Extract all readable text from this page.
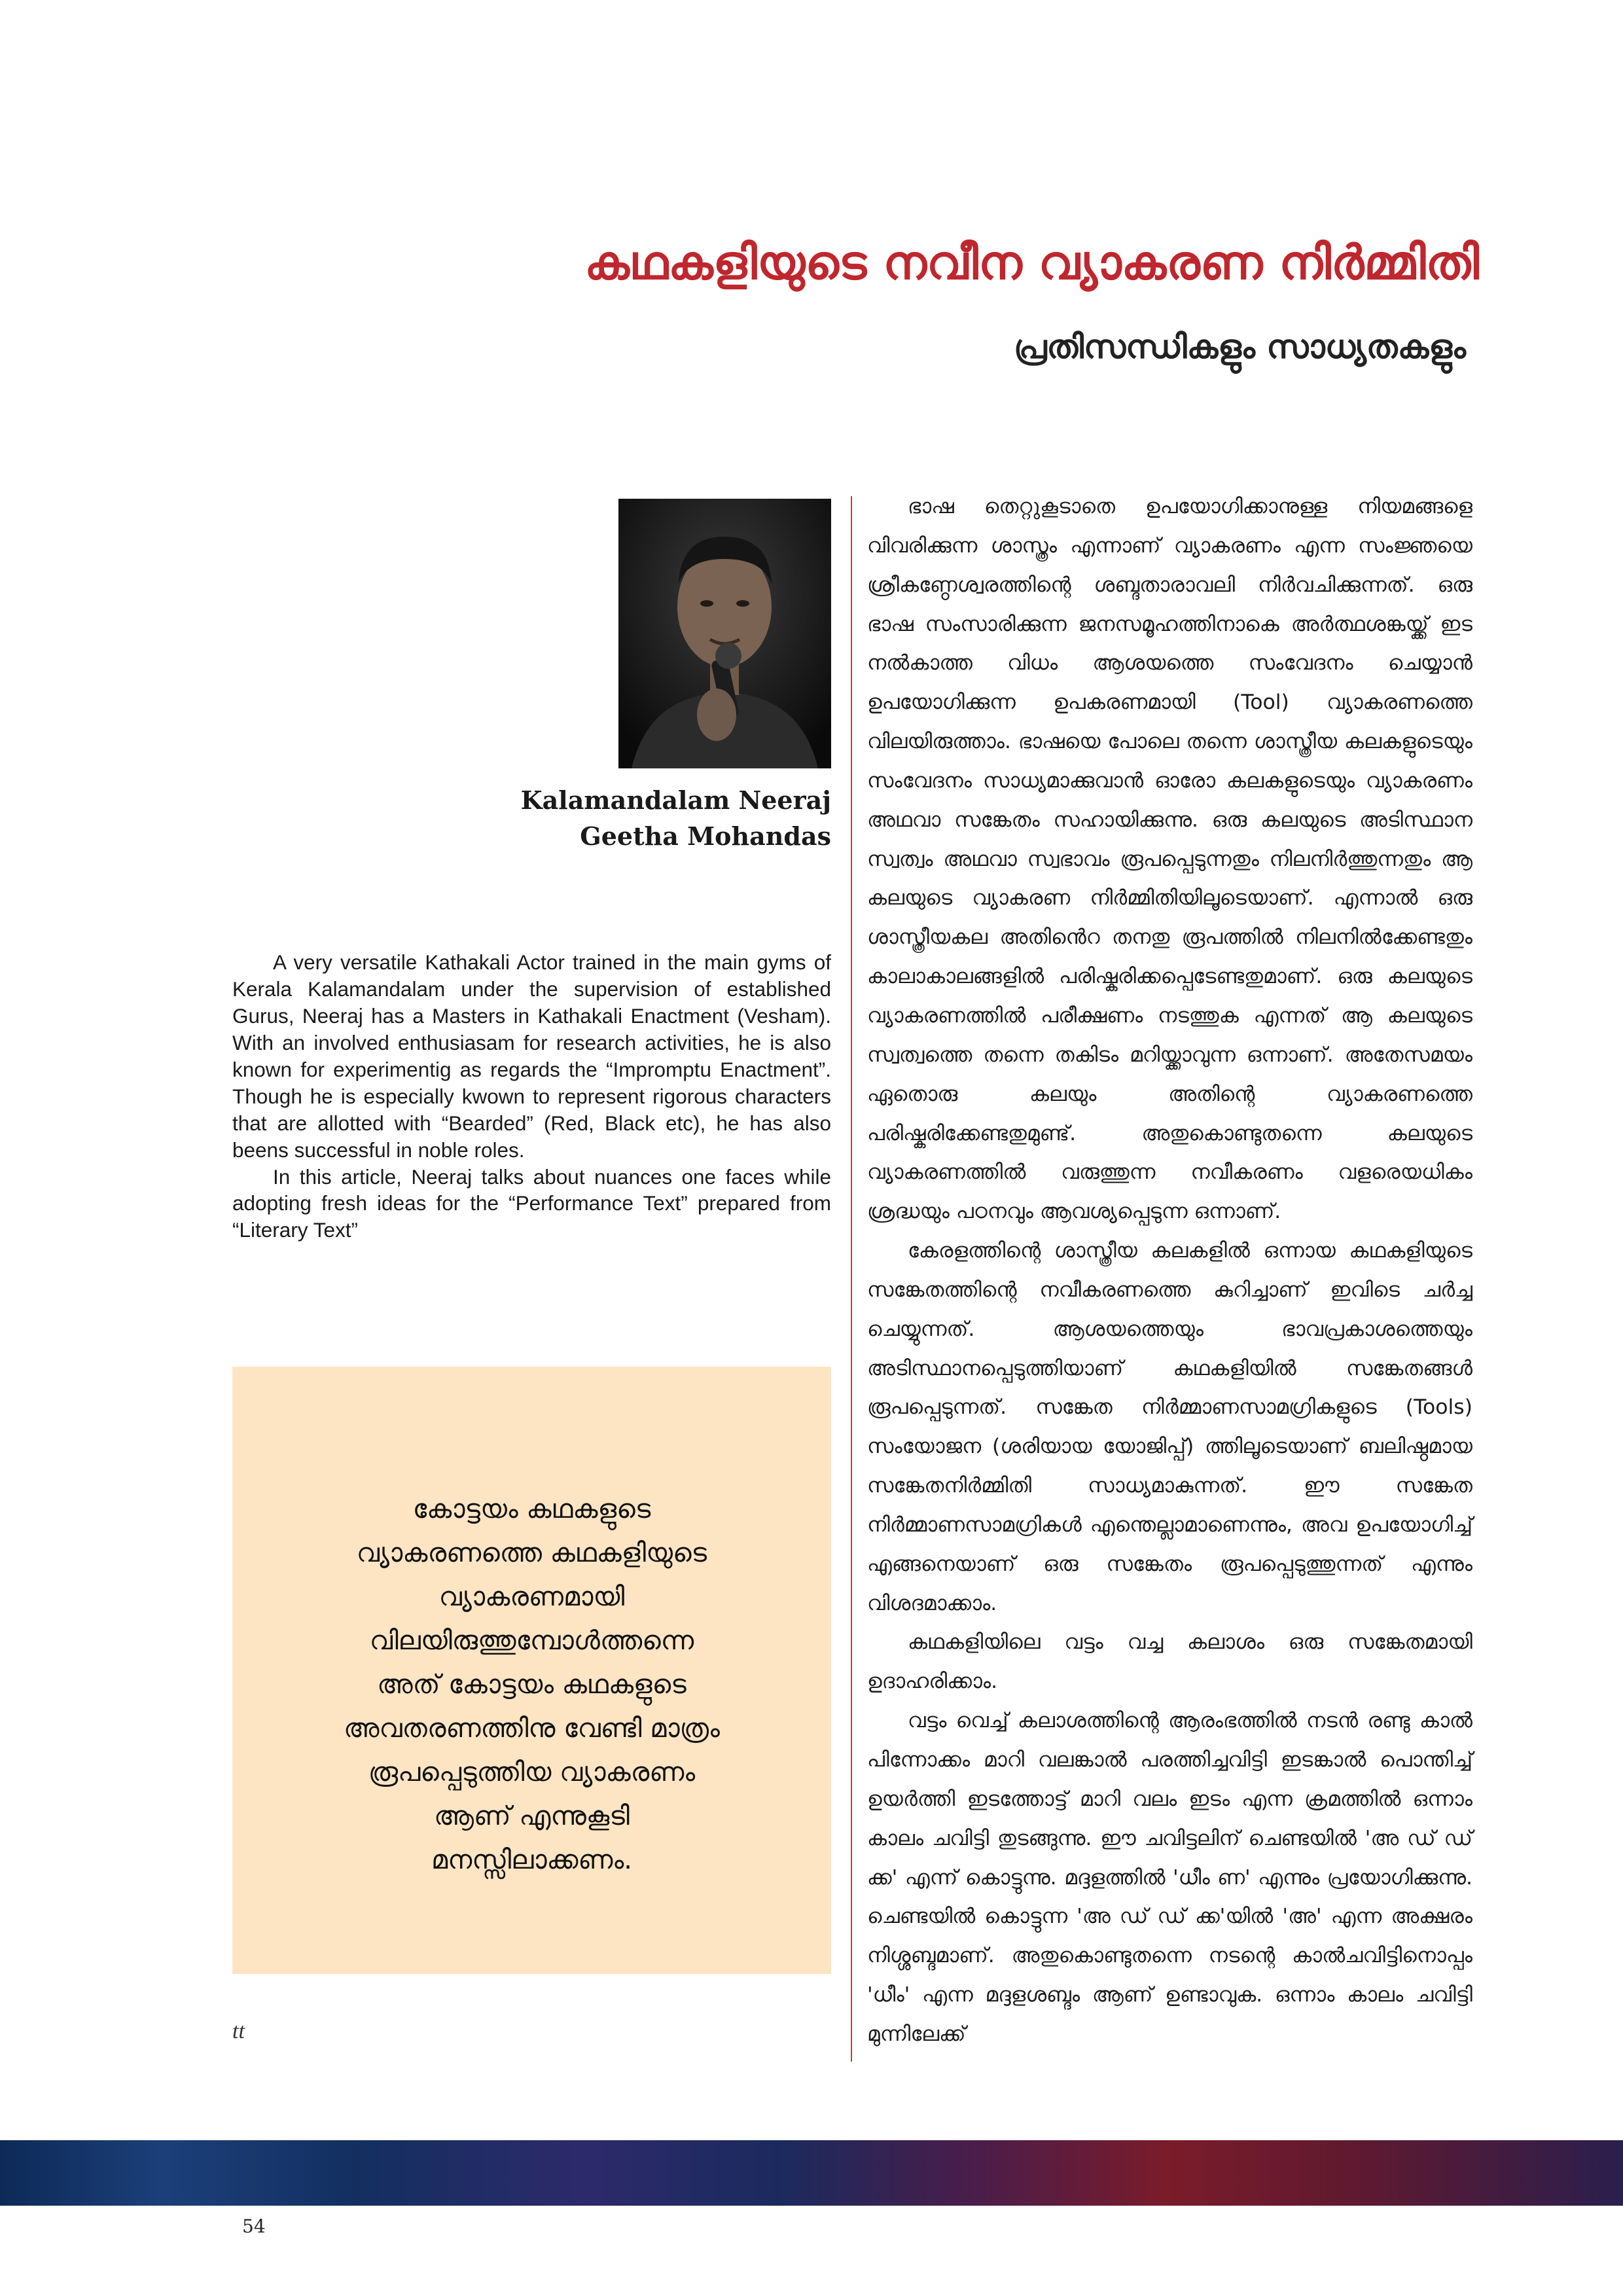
കഥകളിയുടെ നവീന വ്യാകരണ നിർമ്മിതി
പ്രതിസന്ധികളും സാധ്യതകളും
Kalamandalam Neeraj
Geetha Mohandas

A very versatile Kathakali Actor trained in the main gyms of Kerala Kalamandalam under the supervision of established Gurus, Neeraj has a Masters in Kathakali Enactment (Vesham). With an involved enthusiasam for research activities, he is also known for experimentig as regards the “Impromptu Enactment”. Though he is especially kwown to represent rigorous characters that are allotted with “Bearded” (Red, Black etc), he has also beens successful in noble roles.

In this article, Neeraj talks about nuances one faces while adopting fresh ideas for the “Performance Text” prepared from “Literary Text”

കോട്ടയം കഥകളുടെ
വ്യാകരണത്തെ കഥകളിയുടെ
വ്യാകരണമായി
വിലയിരുത്തുമ്പോൾത്തന്നെ
അത് കോട്ടയം കഥകളുടെ
അവതരണത്തിനു വേണ്ടി മാത്രം
രൂപപ്പെടുത്തിയ വ്യാകരണം
ആണ് എന്നുകൂടി
മനസ്സിലാക്കണം.

ഭാഷ തെറ്റുകൂടാതെ ഉപയോഗിക്കാനുള്ള നിയമങ്ങളെ വിവരിക്കുന്ന ശാസ്ത്രം എന്നാണ് വ്യാകരണം എന്ന സംജ്ഞയെ ശ്രീകണ്ഠേശ്വരത്തിന്റെ ശബ്ദതാരാവലി നിർവചിക്കുന്നത്. ഒരു ഭാഷ സംസാരിക്കുന്ന ജനസമൂഹത്തിനാകെ അർത്ഥശങ്കയ്ക്ക് ഇട നൽകാത്ത വിധം ആശയത്തെ സംവേദനം ചെയ്യാൻ ഉപയോഗിക്കുന്ന ഉപകരണമായി (Tool) വ്യാകരണത്തെ വിലയിരുത്താം. ഭാഷയെ പോലെ തന്നെ ശാസ്ത്രീയ കലകളുടെയും സംവേദനം സാധ്യമാക്കുവാൻ ഓരോ കലകളുടെയും വ്യാകരണം അഥവാ സങ്കേതം സഹായിക്കുന്നു. ഒരു കലയുടെ അടിസ്ഥാന സ്വത്വം അഥവാ സ്വഭാവം രൂപപ്പെടുന്നതും നിലനിർത്തുന്നതും ആ കലയുടെ വ്യാകരണ നിർമ്മിതിയിലൂടെയാണ്. എന്നാൽ ഒരു ശാസ്ത്രീയകല അതിൻെറ തനതു രൂപത്തിൽ നിലനിൽക്കേണ്ടതും കാലാകാലങ്ങളിൽ പരിഷ്കരിക്കപ്പെടേണ്ടതുമാണ്. ഒരു കലയുടെ വ്യാകരണത്തിൽ പരീക്ഷണം നടത്തുക എന്നത് ആ കലയുടെ സ്വത്വത്തെ തന്നെ തകിടം മറിയ്ക്കാവുന്ന ഒന്നാണ്. അതേസമയം ഏതൊരു കലയും അതിന്റെ വ്യാകരണത്തെ പരിഷ്കരിക്കേണ്ടതുമുണ്ട്. അതുകൊണ്ടുതന്നെ കലയുടെ വ്യാകരണത്തിൽ വരുത്തുന്ന നവീകരണം വളരെയധികം ശ്രദ്ധയും പഠനവും ആവശ്യപ്പെടുന്ന ഒന്നാണ്.

കേരളത്തിന്റെ ശാസ്ത്രീയ കലകളിൽ ഒന്നായ കഥകളിയുടെ സങ്കേതത്തിന്റെ നവീകരണത്തെ കുറിച്ചാണ് ഇവിടെ ചർച്ച ചെയ്യുന്നത്. ആശയത്തെയും ഭാവപ്രകാശത്തെയും അടിസ്ഥാനപ്പെടുത്തിയാണ് കഥകളിയിൽ സങ്കേതങ്ങൾ രൂപപ്പെടുന്നത്. സങ്കേത നിർമ്മാണസാമഗ്രികളുടെ (Tools) സംയോജന (ശരിയായ യോജിപ്പ്) ത്തിലൂടെയാണ് ബലിഷ്ഠമായ സങ്കേതനിർമ്മിതി സാധ്യമാകുന്നത്. ഈ സങ്കേത നിർമ്മാണസാമഗ്രികൾ എന്തെല്ലാമാണെന്നും, അവ ഉപയോഗിച്ച് എങ്ങനെയാണ് ഒരു സങ്കേതം രൂപപ്പെടുത്തുന്നത് എന്നും വിശദമാക്കാം.

കഥകളിയിലെ വട്ടം വച്ച കലാശം ഒരു സങ്കേതമായി ഉദാഹരിക്കാം.

വട്ടം വെച്ച് കലാശത്തിന്റെ ആരംഭത്തിൽ നടൻ രണ്ടു കാൽ പിന്നോക്കം മാറി വലങ്കാൽ പരത്തിച്ചവിട്ടി ഇടങ്കാൽ പൊന്തിച്ച് ഉയർത്തി ഇടത്തോട്ട് മാറി വലം ഇടം എന്ന ക്രമത്തിൽ ഒന്നാം കാലം ചവിട്ടി തുടങ്ങുന്നു. ഈ ചവിട്ടലിന് ചെണ്ടയിൽ 'അ ഡ് ഡ് ക്ക' എന്ന് കൊട്ടുന്നു. മദ്ദളത്തിൽ 'ധീം ണ' എന്നും പ്രയോഗിക്കുന്നു. ചെണ്ടയിൽ കൊട്ടുന്ന 'അ ഡ് ഡ് ക്ക'യിൽ 'അ' എന്ന അക്ഷരം നിശ്ശബ്ദമാണ്. അതുകൊണ്ടുതന്നെ നടന്റെ കാൽചവിട്ടിനൊപ്പം 'ധീം' എന്ന മദ്ദളശബ്ദം ആണ് ഉണ്ടാവുക. ഒന്നാം കാലം ചവിട്ടി മുന്നിലേക്ക്

tt
54
